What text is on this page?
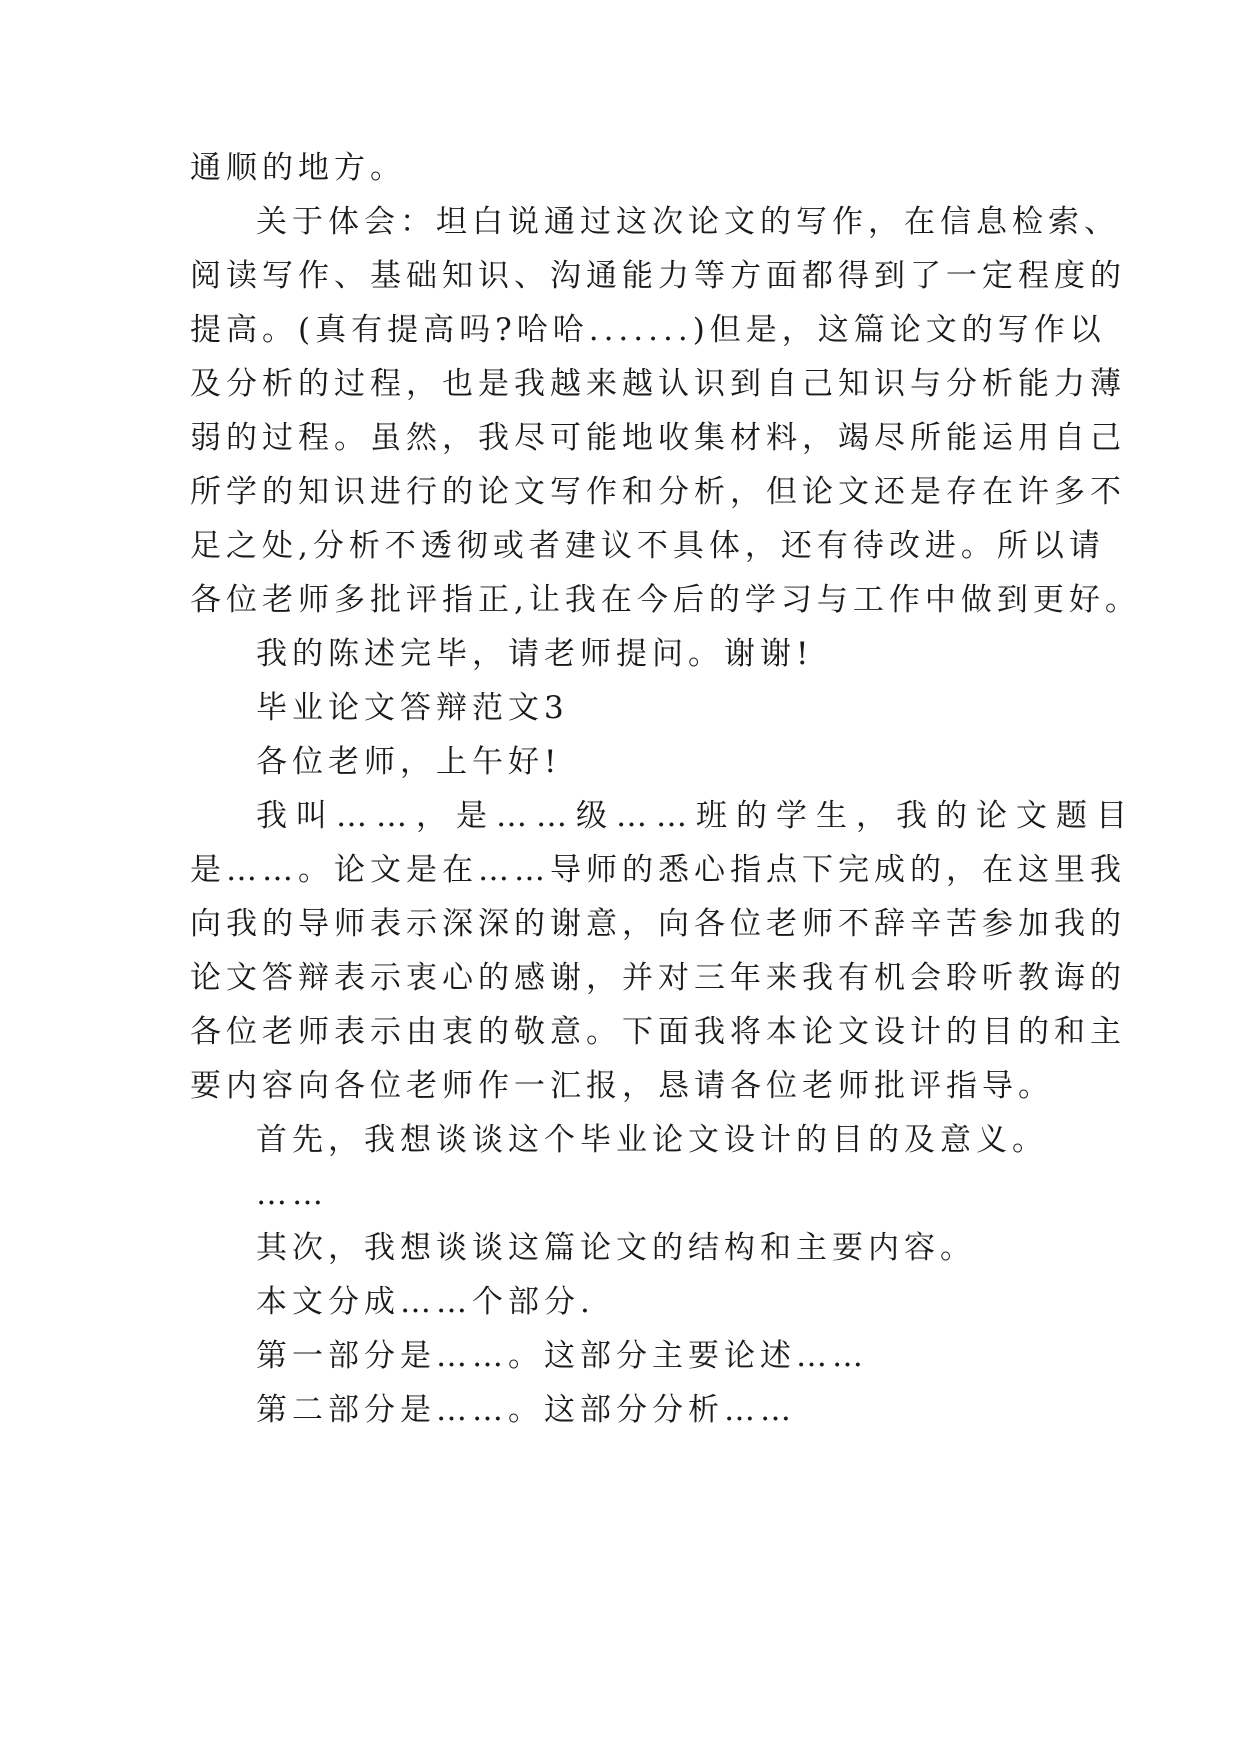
通顺的地方。
关于体会：坦白说通过这次论文的写作，在信息检索、
阅读写作、基础知识、沟通能力等方面都得到了一定程度的
提高。(真有提高吗?哈哈.......)但是，这篇论文的写作以
及分析的过程，也是我越来越认识到自己知识与分析能力薄
弱的过程。虽然，我尽可能地收集材料，竭尽所能运用自己
所学的知识进行的论文写作和分析，但论文还是存在许多不
足之处,分析不透彻或者建议不具体，还有待改进。所以请
各位老师多批评指正,让我在今后的学习与工作中做到更好。
我的陈述完毕，请老师提问。谢谢!
毕业论文答辩范文3
各位老师，上午好!
我叫……，是……级……班的学生，我的论文题目
是……。论文是在……导师的悉心指点下完成的，在这里我
向我的导师表示深深的谢意，向各位老师不辞辛苦参加我的
论文答辩表示衷心的感谢，并对三年来我有机会聆听教诲的
各位老师表示由衷的敬意。下面我将本论文设计的目的和主
要内容向各位老师作一汇报，恳请各位老师批评指导。
首先，我想谈谈这个毕业论文设计的目的及意义。
……
其次，我想谈谈这篇论文的结构和主要内容。
本文分成……个部分.
第一部分是……。这部分主要论述……
第二部分是……。这部分分析……
